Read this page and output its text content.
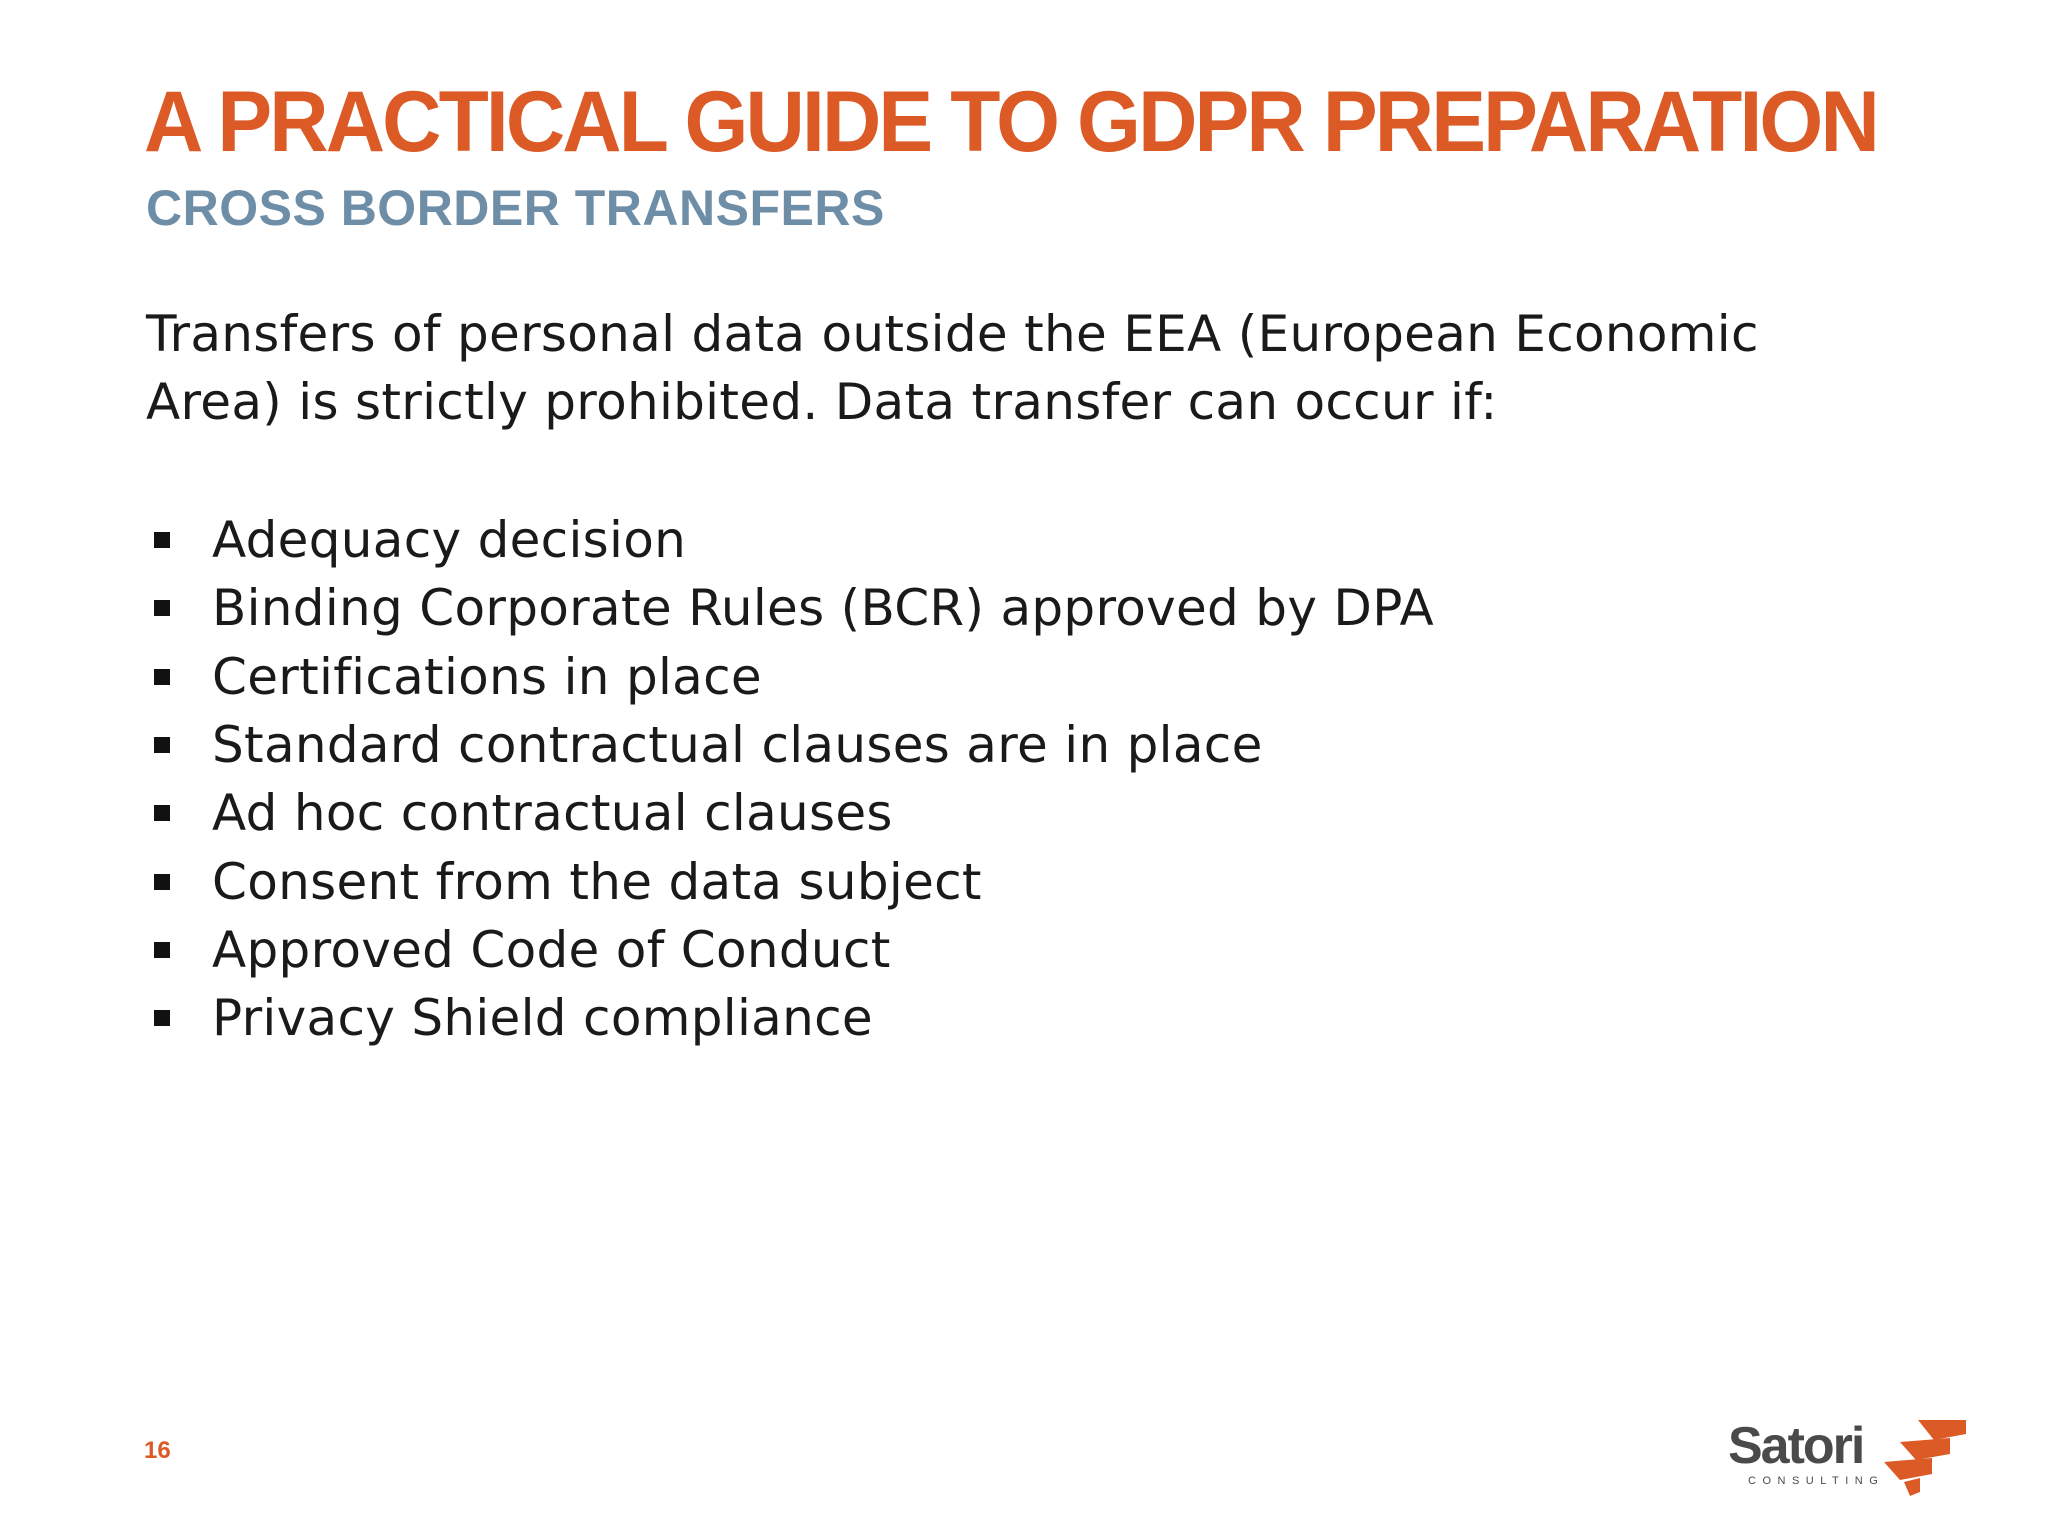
A PRACTICAL GUIDE TO GDPR PREPARATION
CROSS BORDER TRANSFERS

Transfers of personal data outside the EEA (European Economic Area) is strictly prohibited. Data transfer can occur if:

Adequacy decision
Binding Corporate Rules (BCR) approved by DPA
Certifications in place
Standard contractual clauses are in place
Ad hoc contractual clauses
Consent from the data subject
Approved Code of Conduct
Privacy Shield compliance
16	Satori
CONSULTING
